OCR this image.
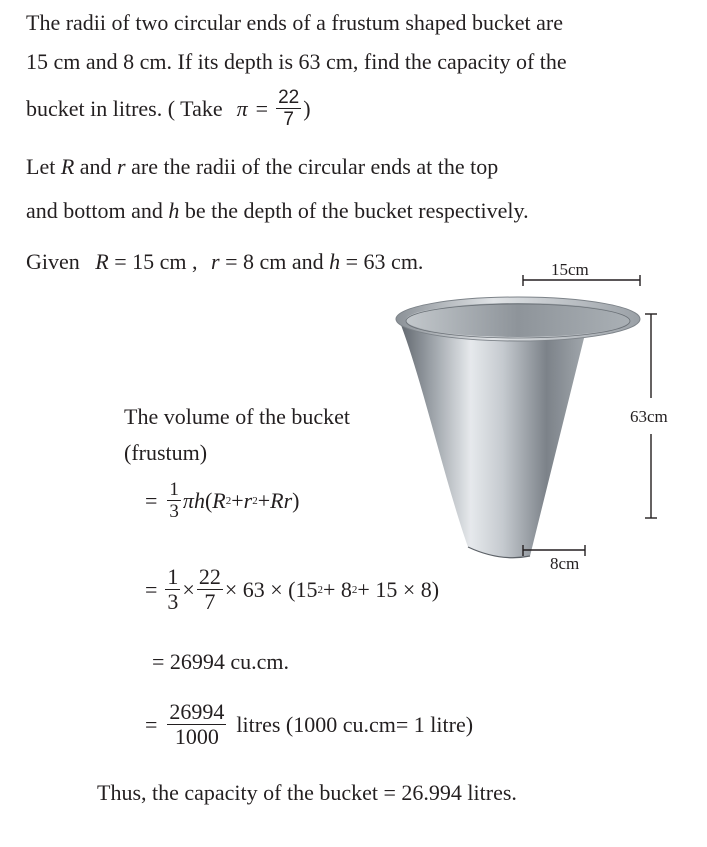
The radii of two circular ends of a frustum shaped bucket are
15 cm and 8 cm. If its depth is 63 cm, find the capacity of the
bucket in litres. ( Take $\pi = \frac{22}{7}$ )
Let R and r are the radii of the circular ends at the top
and bottom and h be the depth of the bucket respectively.
Given R = 15 cm , r = 8 cm and h = 63 cm.	15cm
63cm
8cm
The volume of the bucket
(frustum)
= $\frac{1}{3}$ π h ( R 2 + r 2 + Rr )
= $\frac{1}{3} \times \frac{22}{7} \times 63 \times (15$ 2 + 8 2 + 15 × 8)
= 26994 cu.cm.
= $\frac{26994}{1000}$ litres (1000 cu.cm= 1 litre)
Thus, the capacity of the bucket = 26.994 litres.
